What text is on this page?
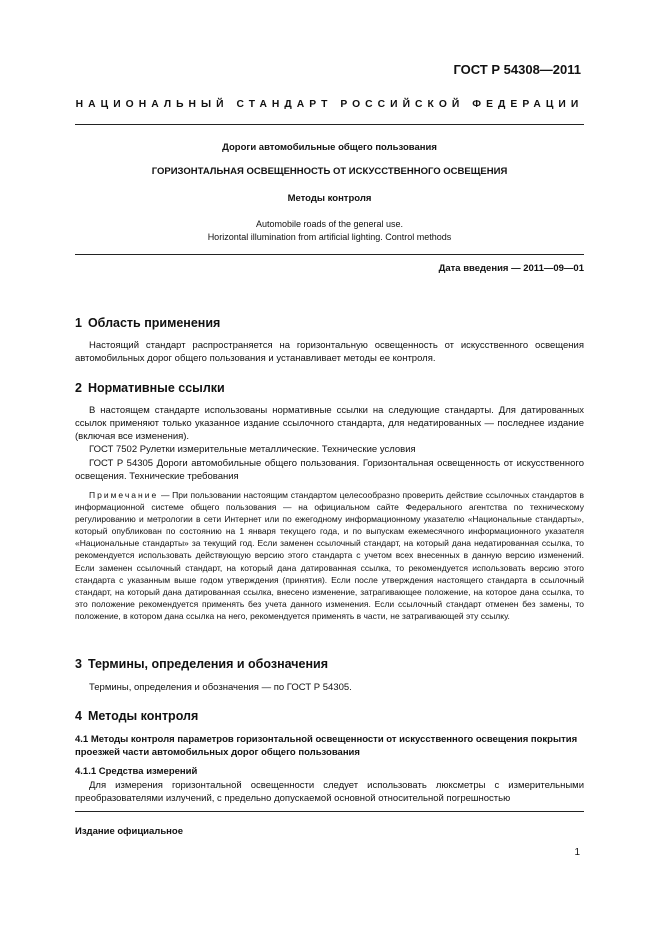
ГОСТ Р 54308—2011
НАЦИОНАЛЬНЫЙ СТАНДАРТ РОССИЙСКОЙ ФЕДЕРАЦИИ
Дороги автомобильные общего пользования
ГОРИЗОНТАЛЬНАЯ ОСВЕЩЕННОСТЬ ОТ ИСКУССТВЕННОГО ОСВЕЩЕНИЯ
Методы контроля
Automobile roads of the general use.
Horizontal illumination from artificial lighting. Control methods
Дата введения — 2011—09—01
1 Область применения

Настоящий стандарт распространяется на горизонтальную освещенность от искусственного освещения автомобильных дорог общего пользования и устанавливает методы ее контроля.

2 Нормативные ссылки

В настоящем стандарте использованы нормативные ссылки на следующие стандарты. Для датированных ссылок применяют только указанное издание ссылочного стандарта, для недатированных — последнее издание (включая все изменения).

ГОСТ 7502 Рулетки измерительные металлические. Технические условия
ГОСТ Р 54305 Дороги автомобильные общего пользования. Горизонтальная освещенность от искусственного освещения. Технические требования
Примечание — При пользовании настоящим стандартом целесообразно проверить действие ссылочных стандартов в информационной системе общего пользования — на официальном сайте Федерального агентства по техническому регулированию и метрологии в сети Интернет или по ежегодному информационному указателю «Национальные стандарты», который опубликован по состоянию на 1 января текущего года, и по выпускам ежемесячного информационного указателя «Национальные стандарты» за текущий год. Если заменен ссылочный стандарт, на который дана недатированная ссылка, то рекомендуется использовать действующую версию этого стандарта с учетом всех внесенных в данную версию изменений. Если заменен ссылочный стандарт, на который дана датированная ссылка, то рекомендуется использовать версию этого стандарта с указанным выше годом утверждения (принятия). Если после утверждения настоящего стандарта в ссылочный стандарт, на который дана датированная ссылка, внесено изменение, затрагивающее положение, на которое дана ссылка, то это положение рекомендуется применять без учета данного изменения. Если ссылочный стандарт отменен без замены, то положение, в котором дана ссылка на него, рекомендуется применять в части, не затрагивающей эту ссылку.
3 Термины, определения и обозначения

Термины, определения и обозначения — по ГОСТ Р 54305.

4 Методы контроля
4.1 Методы контроля параметров горизонтальной освещенности от искусственного освещения покрытия проезжей части автомобильных дорог общего пользования
4.1.1 Средства измерений

Для измерения горизонтальной освещенности следует использовать люксметры с измерительными преобразователями излучений, с предельно допускаемой основной относительной погрешностью

Издание официальное
1
